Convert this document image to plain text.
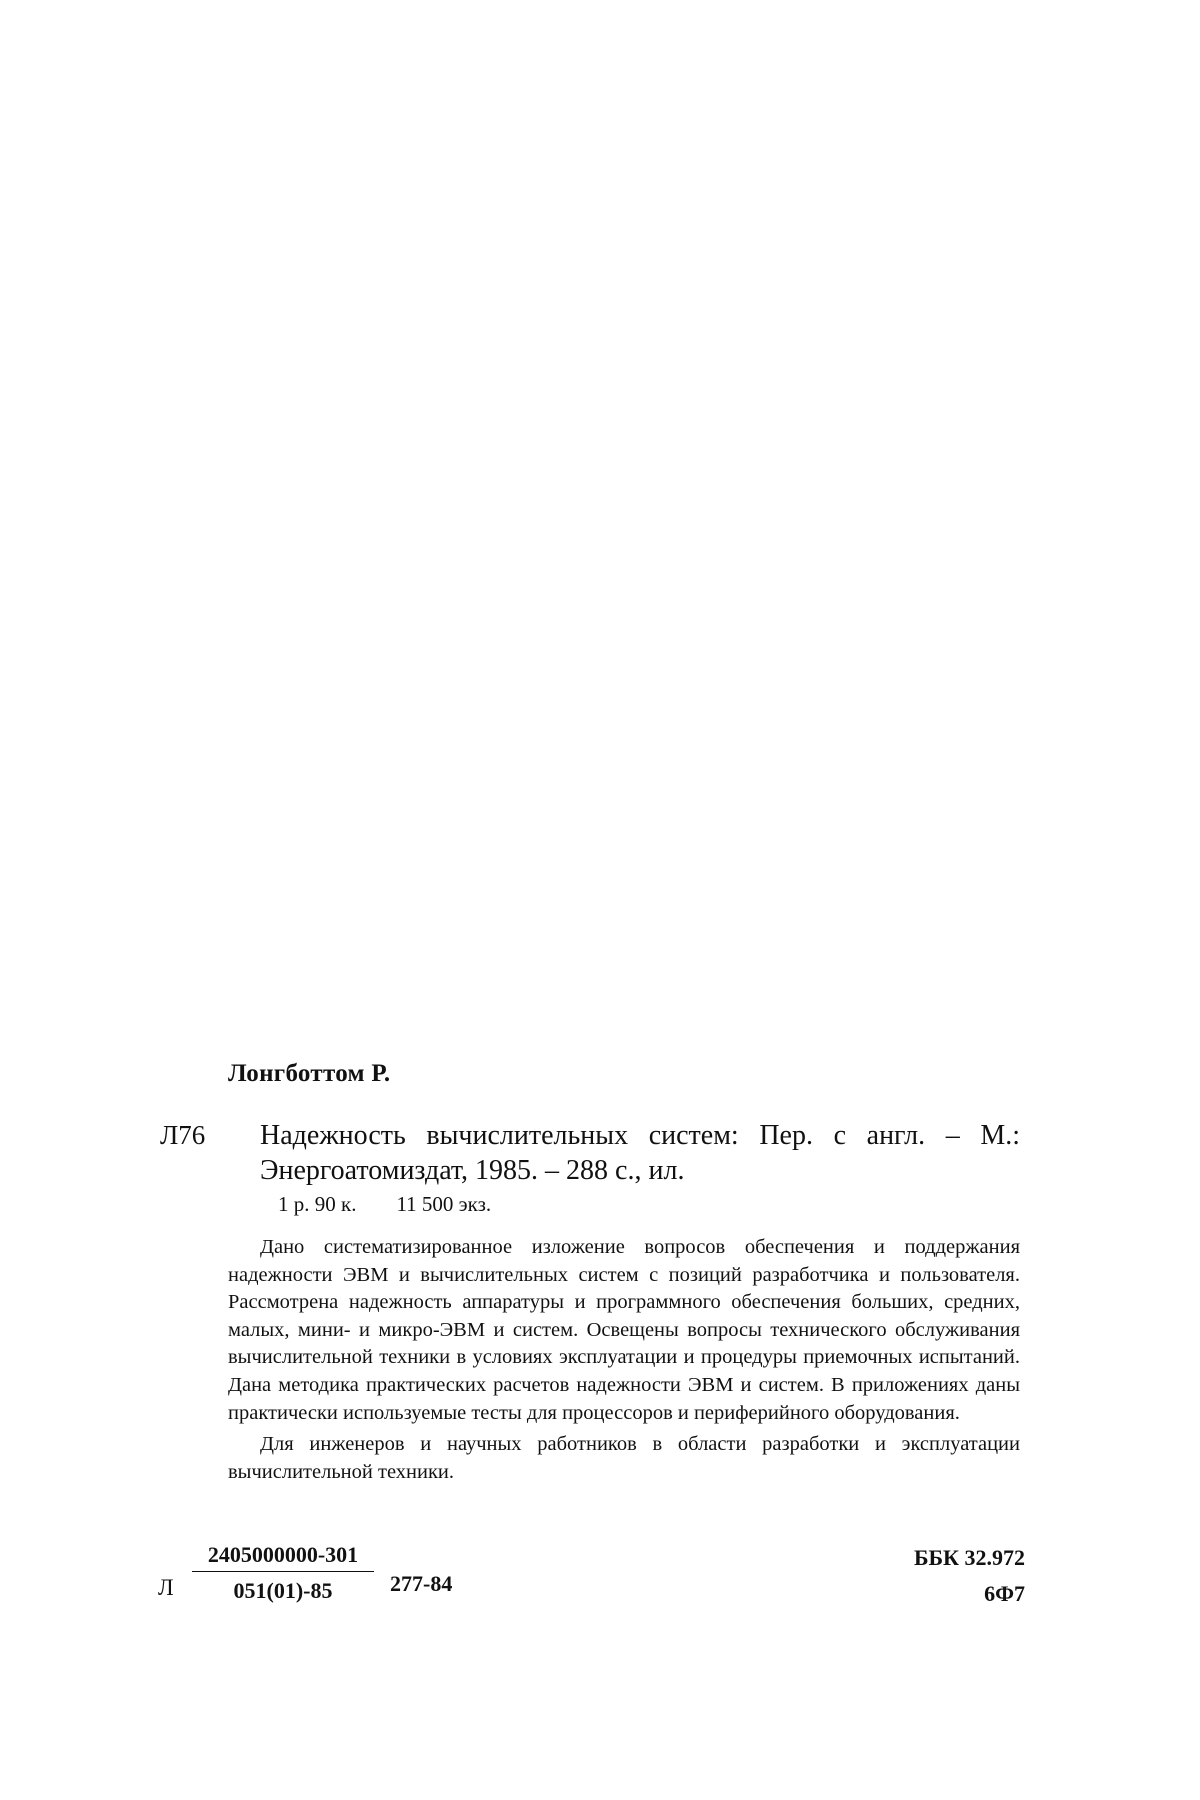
Лонгботтом Р.
Л76 Надежность вычислительных систем: Пер. с англ. – М.: Энергоатомиздат, 1985. – 288 с., ил.
1 р. 90 к. 11 500 экз.

Дано систематизированное изложение вопросов обеспечения и поддержания надежности ЭВМ и вычислительных систем с позиций разработчика и пользователя. Рассмотрена надежность аппаратуры и программного обеспечения больших, средних, малых, мини- и микро-ЭВМ и систем. Освещены вопросы технического обслуживания вычислительной техники в условиях эксплуатации и процедуры приемочных испытаний. Дана методика практических расчетов надежности ЭВМ и систем. В приложениях даны практически используемые тесты для процессоров и периферийного оборудования.

Для инженеров и научных работников в области разработки и эксплуатации вычислительной техники.

Л $\frac{2405000000-301}{051(01)-85} 277-84$
ББК 32.972
6Ф7
